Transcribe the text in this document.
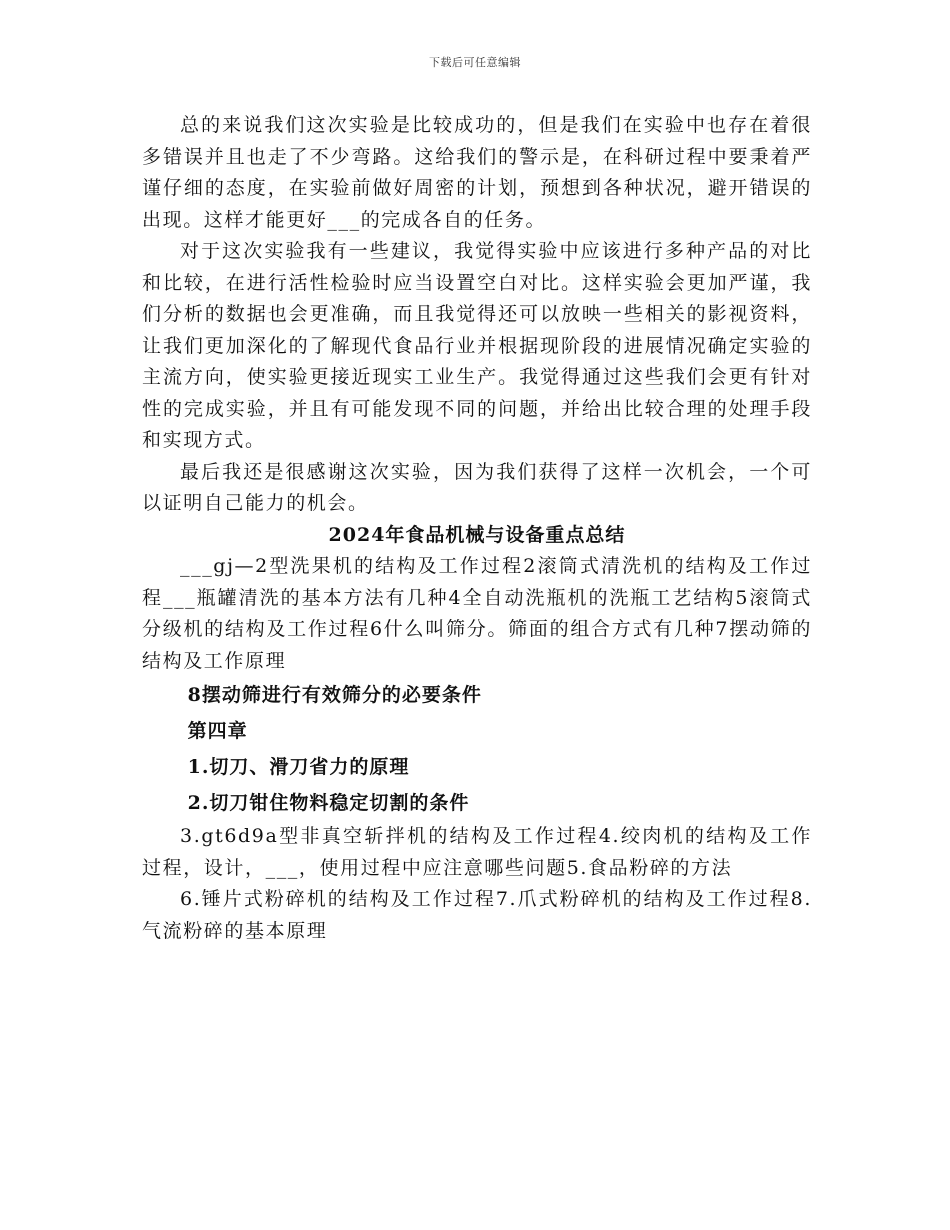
下载后可任意编辑

总的来说我们这次实验是比较成功的，但是我们在实验中也存在着很多错误并且也走了不少弯路。这给我们的警示是，在科研过程中要秉着严谨仔细的态度，在实验前做好周密的计划，预想到各种状况，避开错误的出现。这样才能更好___的完成各自的任务。

对于这次实验我有一些建议，我觉得实验中应该进行多种产品的对比和比较，在进行活性检验时应当设置空白对比。这样实验会更加严谨，我们分析的数据也会更准确，而且我觉得还可以放映一些相关的影视资料，让我们更加深化的了解现代食品行业并根据现阶段的进展情况确定实验的主流方向，使实验更接近现实工业生产。我觉得通过这些我们会更有针对性的完成实验，并且有可能发现不同的问题，并给出比较合理的处理手段和实现方式。

最后我还是很感谢这次实验，因为我们获得了这样一次机会，一个可以证明自己能力的机会。

2024年食品机械与设备重点总结

___gj—2型洗果机的结构及工作过程2滚筒式清洗机的结构及工作过程___瓶罐清洗的基本方法有几种4全自动洗瓶机的洗瓶工艺结构5滚筒式分级机的结构及工作过程6什么叫筛分。筛面的组合方式有几种7摆动筛的结构及工作原理

8摆动筛进行有效筛分的必要条件

第四章

1.切刀、滑刀省力的原理

2.切刀钳住物料稳定切割的条件

3.gt6d9a型非真空斩拌机的结构及工作过程4.绞肉机的结构及工作过程，设计，___，使用过程中应注意哪些问题5.食品粉碎的方法

6.锤片式粉碎机的结构及工作过程7.爪式粉碎机的结构及工作过程8.气流粉碎的基本原理
